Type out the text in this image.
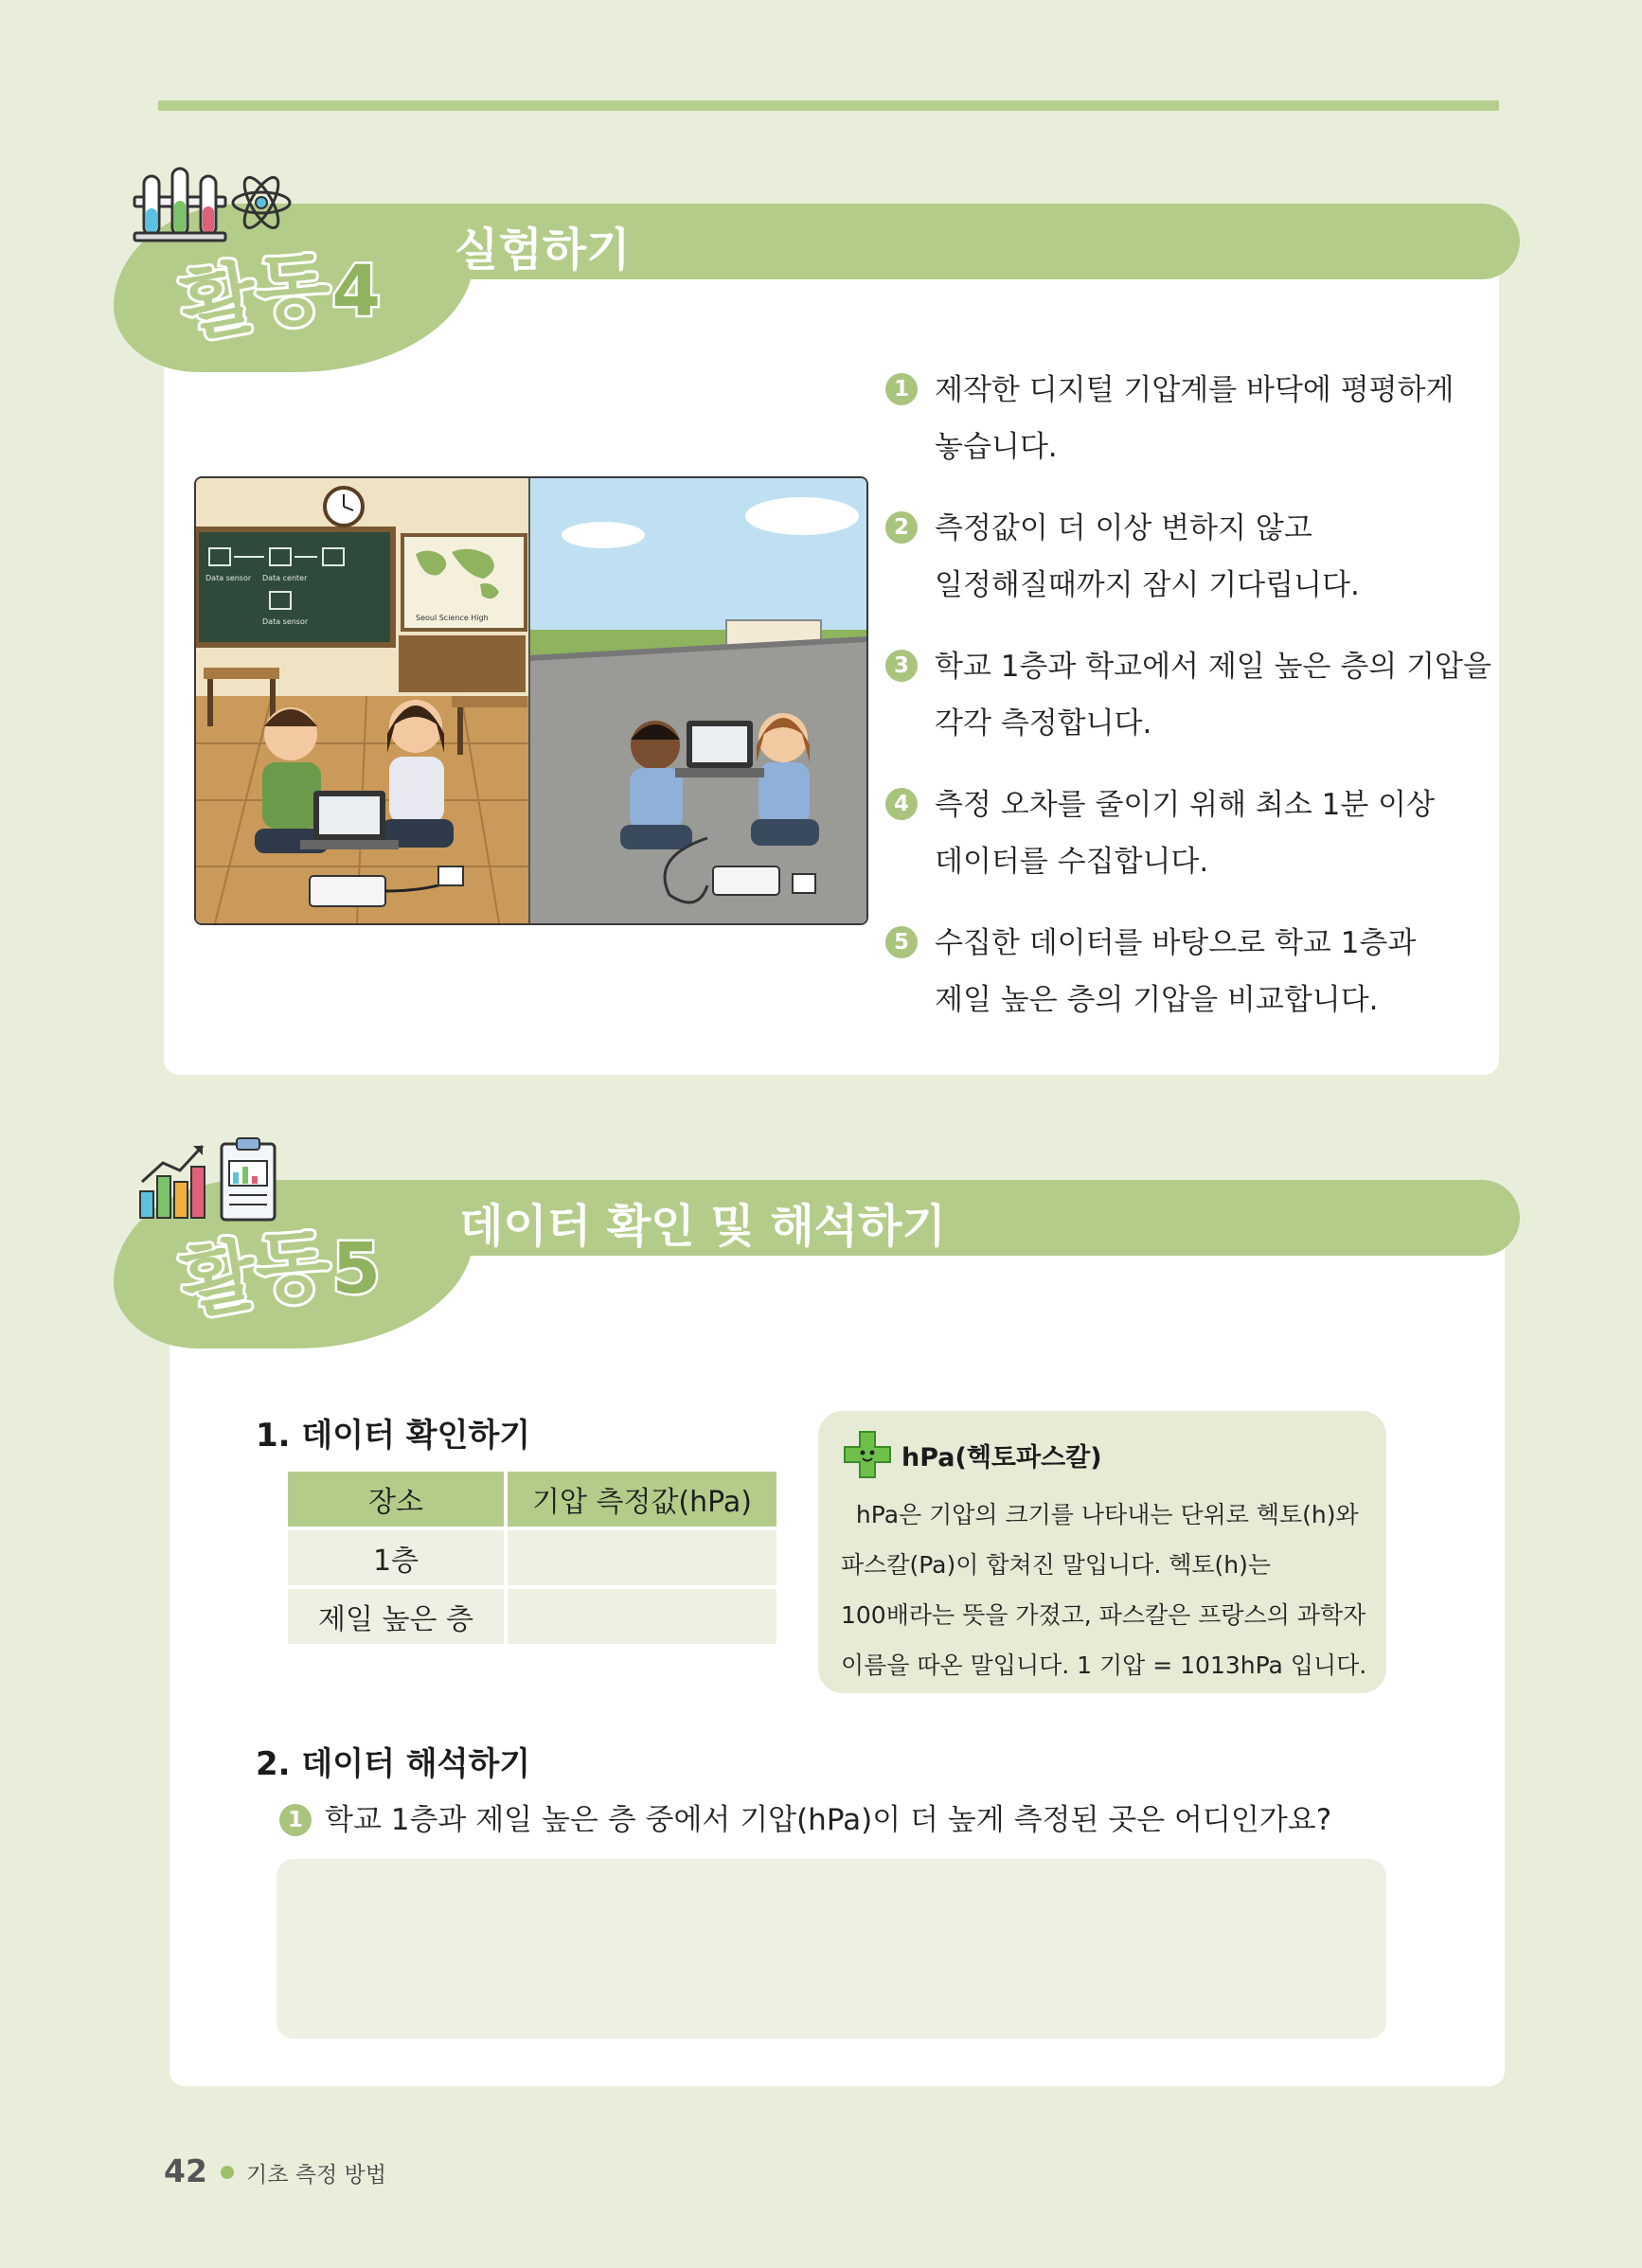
활동4
실험하기
Data sensor Data center
Data sensor	Seoul Science High
1 제작한 디지털 기압계를 바닥에 평평하게

놓습니다.

2 측정값이 더 이상 변하지 않고

일정해질때까지 잠시 기다립니다.

3 학교 1층과 학교에서 제일 높은 층의 기압을

각각 측정합니다.

4 측정 오차를 줄이기 위해 최소 1분 이상

데이터를 수집합니다.

5 수집한 데이터를 바탕으로 학교 1층과

제일 높은 층의 기압을 비교합니다.

활동5
데이터 확인 및 해석하기
1. 데이터 확인하기
장소	기압 측정값(hPa)
1층	
제일 높은 층	
hPa(헥토파스칼)
hPa은 기압의 크기를 나타내는 단위로 헥토(h)와
파스칼(Pa)이 합쳐진 말입니다. 헥토(h)는
100배라는 뜻을 가졌고, 파스칼은 프랑스의 과학자
이름을 따온 말입니다. 1 기압 = 1013hPa 입니다.
2. 데이터 해석하기
1 학교 1층과 제일 높은 층 중에서 기압(hPa)이 더 높게 측정된 곳은 어디인가요?
42 기초 측정 방법
